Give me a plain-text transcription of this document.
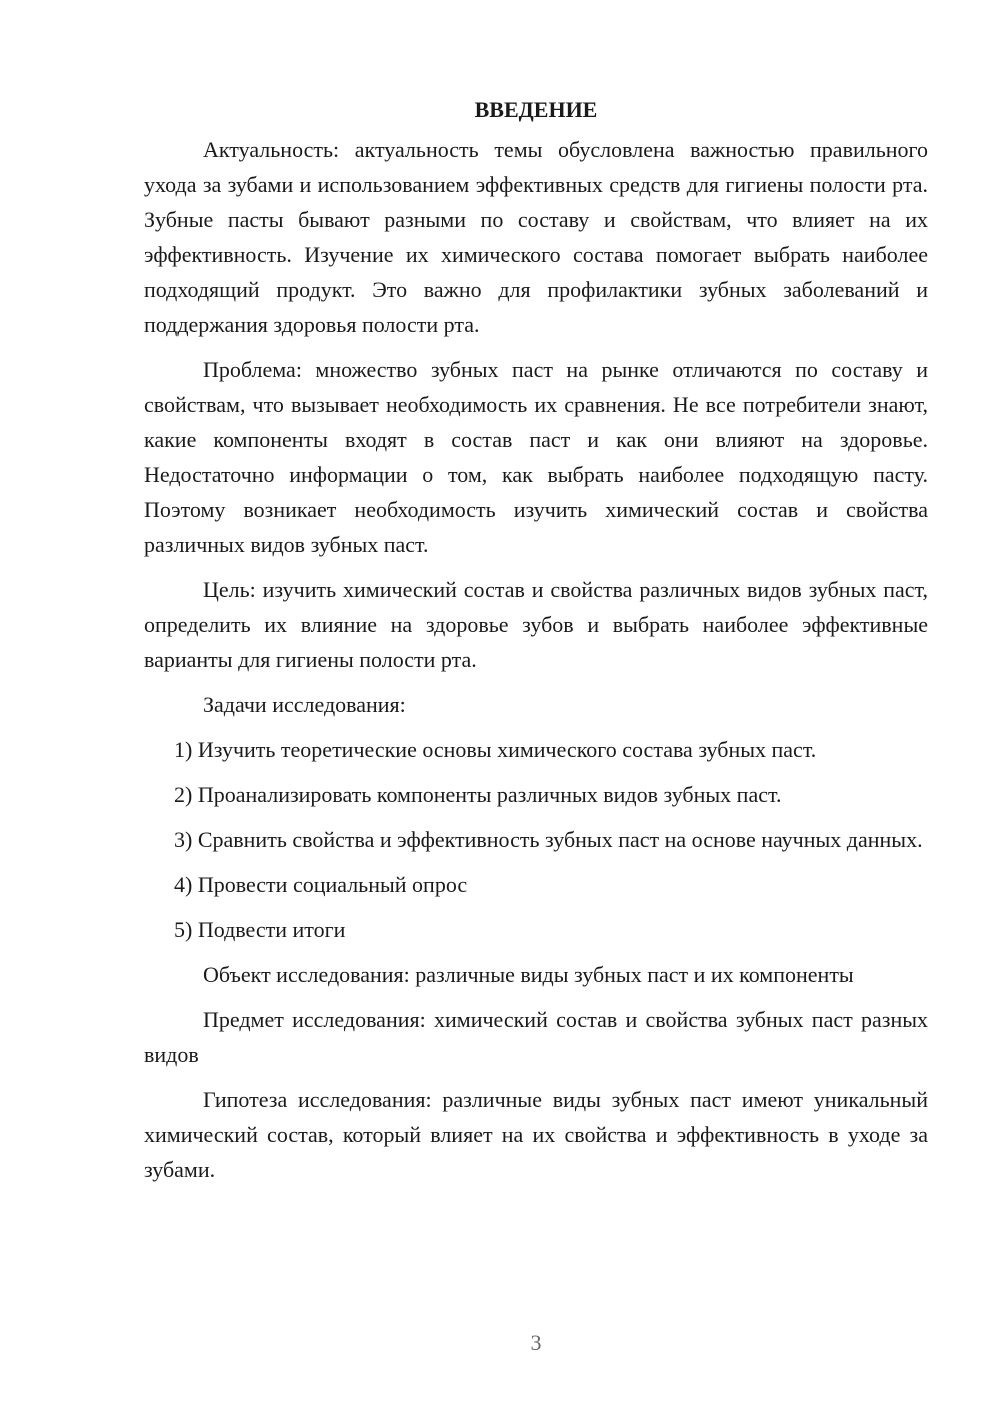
ВВЕДЕНИЕ

Актуальность: актуальность темы обусловлена важностью правильного ухода за зубами и использованием эффективных средств для гигиены полости рта. Зубные пасты бывают разными по составу и свойствам, что влияет на их эффективность. Изучение их химического состава помогает выбрать наиболее подходящий продукт. Это важно для профилактики зубных заболеваний и поддержания здоровья полости рта.

Проблема: множество зубных паст на рынке отличаются по составу и свойствам, что вызывает необходимость их сравнения. Не все потребители знают, какие компоненты входят в состав паст и как они влияют на здоровье. Недостаточно информации о том, как выбрать наиболее подходящую пасту. Поэтому возникает необходимость изучить химический состав и свойства различных видов зубных паст.

Цель: изучить химический состав и свойства различных видов зубных паст, определить их влияние на здоровье зубов и выбрать наиболее эффективные варианты для гигиены полости рта.

Задачи исследования:

1) Изучить теоретические основы химического состава зубных паст.

2) Проанализировать компоненты различных видов зубных паст.

3) Сравнить свойства и эффективность зубных паст на основе научных данных.

4) Провести социальный опрос

5) Подвести итоги

Объект исследования: различные виды зубных паст и их компоненты

Предмет исследования: химический состав и свойства зубных паст разных видов

Гипотеза исследования: различные виды зубных паст имеют уникальный химический состав, который влияет на их свойства и эффективность в уходе за зубами.

3
